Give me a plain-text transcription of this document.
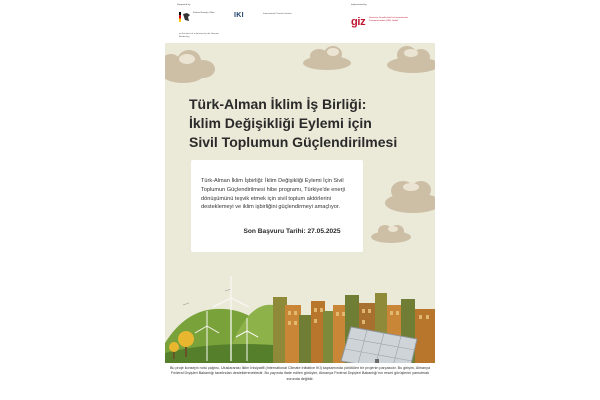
Supported by:
Federal Foreign Office
on the basis of a decision by the German Bundestag
IKI	International Climate Initiative
Implemented by
giz Deutsche Gesellschaft für Internationale Zusammenarbeit (GIZ) GmbH
Türk-Alman İklim İş Birliği:
İklim Değişikliği Eylemi için
Sivil Toplumun Güçlendirilmesi
Türk-Alman İklim İşbirliği: İklim Değişikliği Eylemi İçin Sivil Toplumun Güçlendirilmesi hibe programı, Türkiye'de enerji dönüşümünü teşvik etmek için sivil toplum aktörlerini desteklemeyi ve iklim işbirliğini güçlendirmeyi amaçlıyor.
Son Başvuru Tarihi: 27.05.2025
Bu proje konseptı notu çağrısı, Uluslararası İklim İnisiyatifi (International Climate Initiative IKI) kapsamında yürütülen bir projenin parçasıdır. Bu girişim, Almanya Federal Dışişleri Bakanlığı tarafından desteklenmektedir. Bu yayında ifade edilen görüşler, Almanya Federal Dışişleri Bakanlığı'nın resmi görüşlerini yansıtmak zorunda değildir.
